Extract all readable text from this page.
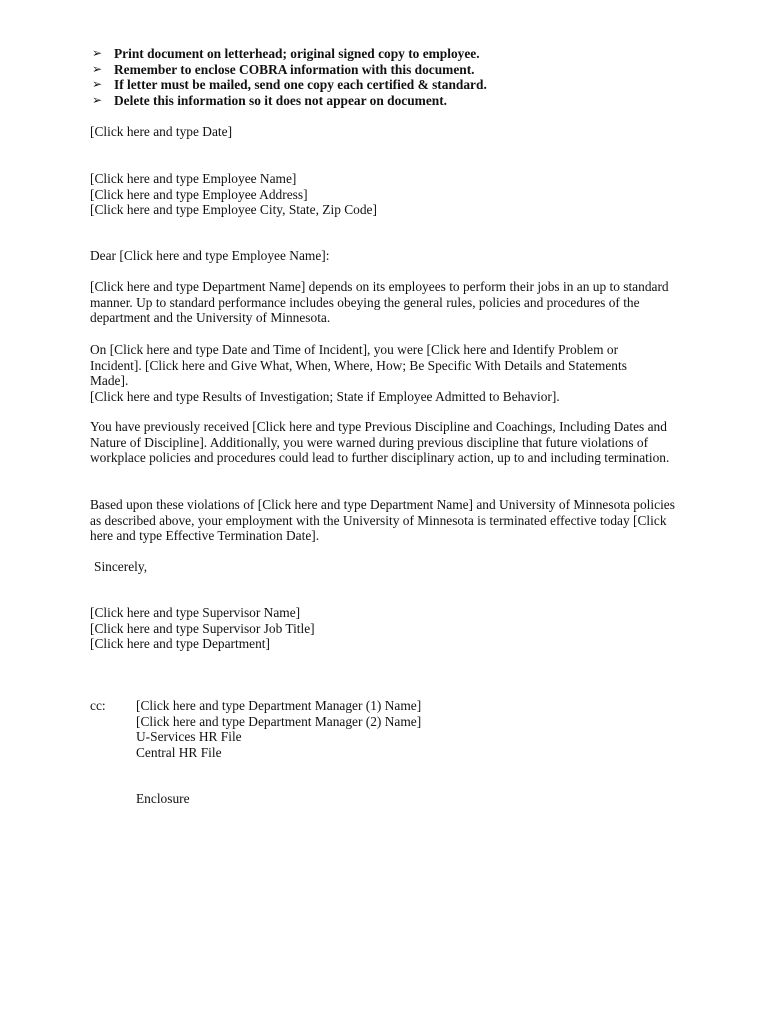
➢ Print document on letterhead; original signed copy to employee.
➢ Remember to enclose COBRA information with this document.
➢ If letter must be mailed, send one copy each certified & standard.
➢ Delete this information so it does not appear on document.
[Click here and type Date]
[Click here and type Employee Name]
[Click here and type Employee Address]
[Click here and type Employee City, State, Zip Code]
Dear [Click here and type Employee Name]:
[Click here and type Department Name] depends on its employees to perform their jobs in an up to standard manner. Up to standard performance includes obeying the general rules, policies and procedures of the department and the University of Minnesota.
On [Click here and type Date and Time of Incident], you were [Click here and Identify Problem or Incident]. [Click here and Give What, When, Where, How; Be Specific With Details and Statements Made].
[Click here and type Results of Investigation; State if Employee Admitted to Behavior].
You have previously received [Click here and type Previous Discipline and Coachings, Including Dates and Nature of Discipline]. Additionally, you were warned during previous discipline that future violations of workplace policies and procedures could lead to further disciplinary action, up to and including termination.
Based upon these violations of [Click here and type Department Name] and University of Minnesota policies as described above, your employment with the University of Minnesota is terminated effective today [Click here and type Effective Termination Date].
Sincerely,
[Click here and type Supervisor Name]
[Click here and type Supervisor Job Title]
[Click here and type Department]
cc: [Click here and type Department Manager (1) Name]
[Click here and type Department Manager (2) Name]
U-Services HR File
Central HR File
Enclosure
